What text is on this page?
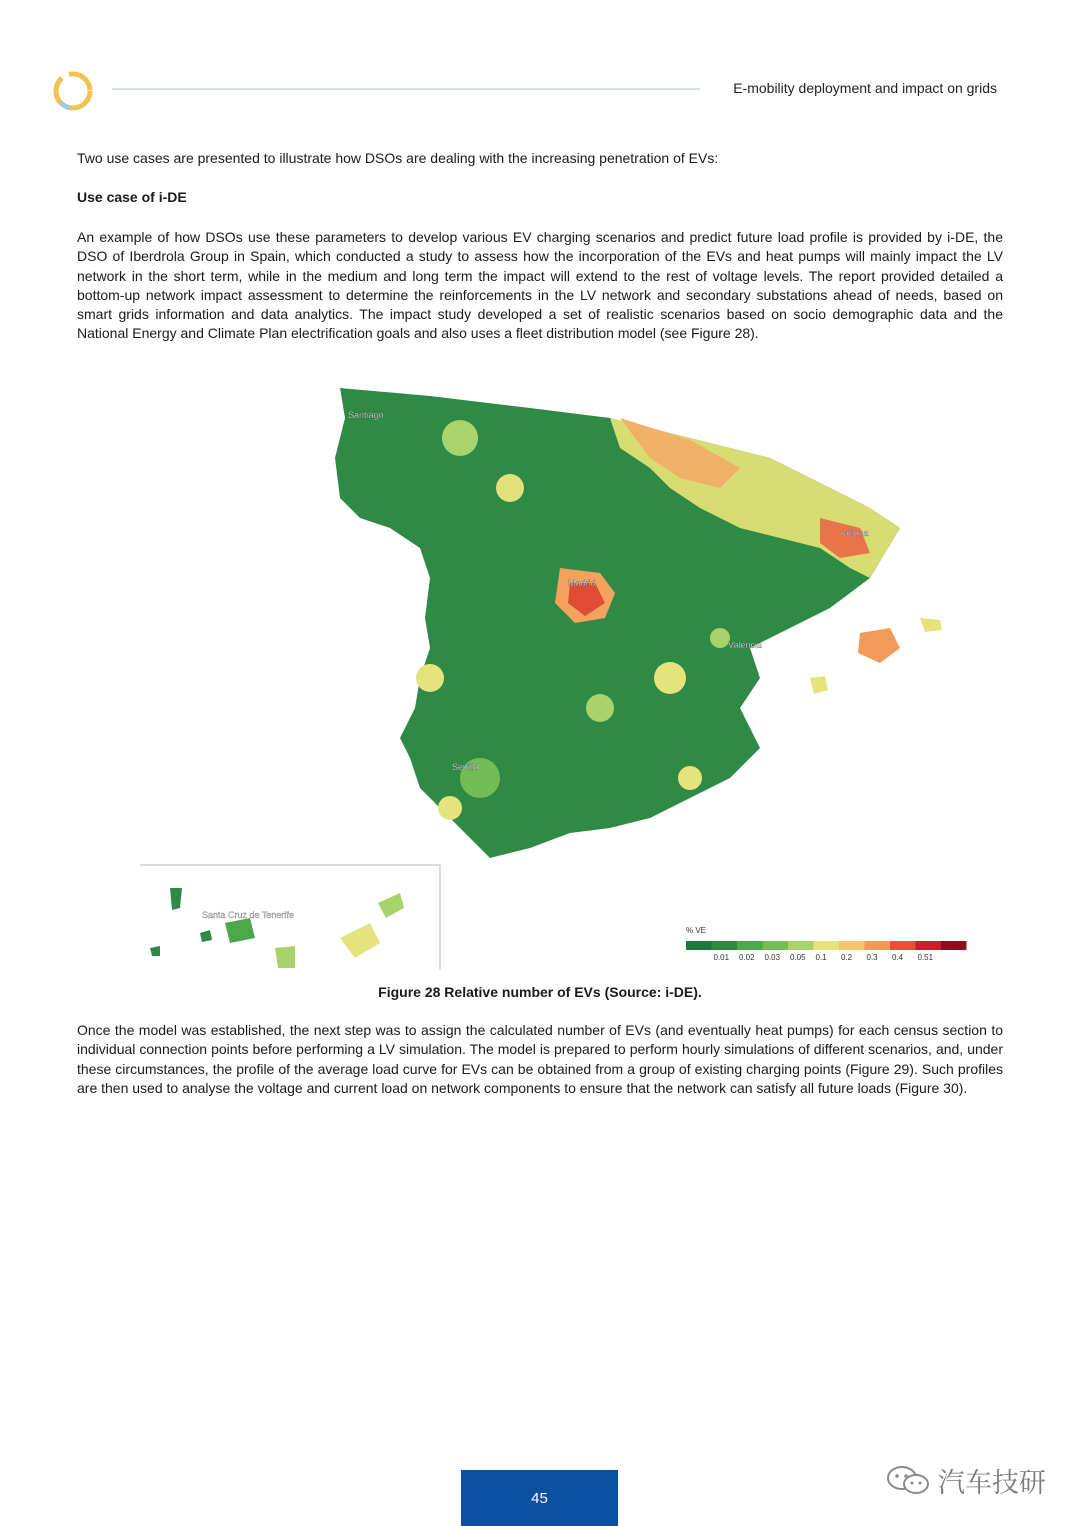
E-mobility deployment and impact on grids
Two use cases are presented to illustrate how DSOs are dealing with the increasing penetration of EVs:
Use case of i-DE
An example of how DSOs use these parameters to develop various EV charging scenarios and predict future load profile is provided by i-DE, the DSO of Iberdrola Group in Spain, which conducted a study to assess how the incorporation of the EVs and heat pumps will mainly impact the LV network in the short term, while in the medium and long term the impact will extend to the rest of voltage levels. The report provided detailed a bottom-up network impact assessment to determine the reinforcements in the LV network and secondary substations ahead of needs, based on smart grids information and data analytics. The impact study developed a set of realistic scenarios based on socio demographic data and the National Energy and Climate Plan electrification goals and also uses a fleet distribution model (see Figure 28).
Santiago
Madrid
celona
Valencia
Sevilla
Santa Cruz de Tenerife
% VE
0.01 0.02 0.03 0.05 0.1 0.2 0.3 0.4 0.51
Figure 28 Relative number of EVs (Source: i-DE).
Once the model was established, the next step was to assign the calculated number of EVs (and eventually heat pumps) for each census section to individual connection points before performing a LV simulation. The model is prepared to perform hourly simulations of different scenarios, and, under these circumstances, the profile of the average load curve for EVs can be obtained from a group of existing charging points (Figure 29). Such profiles are then used to analyse the voltage and current load on network components to ensure that the network can satisfy all future loads (Figure 30).
45
汽车技研
